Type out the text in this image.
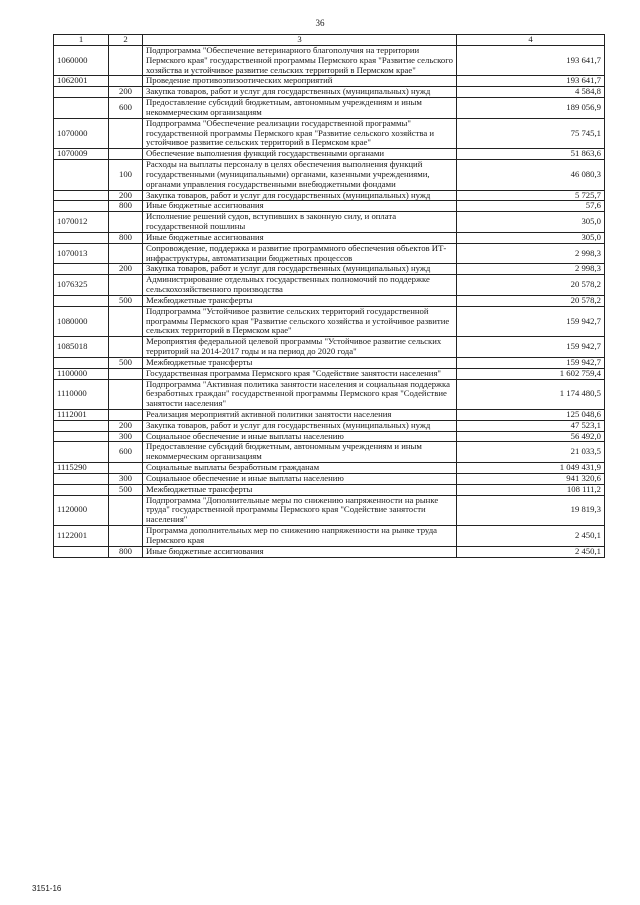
36
1	2	3	4
1060000		Подпрограмма "Обеспечение ветеринарного благополучия на территории Пермского края" государственной программы Пермского края "Развитие сельского хозяйства и устойчивое развитие сельских территорий в Пермском крае"	193 641,7
1062001		Проведение противоэпизоотических мероприятий	193 641,7
	200	Закупка товаров, работ и услуг для государственных (муниципальных) нужд	4 584,8
	600	Предоставление субсидий бюджетным, автономным учреждениям и иным некоммерческим организациям	189 056,9
1070000		Подпрограмма "Обеспечение реализации государственной программы" государственной программы Пермского края "Развитие сельского хозяйства и устойчивое развитие сельских территорий в Пермском крае"	75 745,1
1070009		Обеспечение выполнения функций государственными органами	51 863,6
	100	Расходы на выплаты персоналу в целях обеспечения выполнения функций государственными (муниципальными) органами, казенными учреждениями, органами управления государственными внебюджетными фондами	46 080,3
	200	Закупка товаров, работ и услуг для государственных (муниципальных) нужд	5 725,7
	800	Иные бюджетные ассигнования	57,6
1070012		Исполнение решений судов, вступивших в законную силу, и оплата государственной пошлины	305,0
	800	Иные бюджетные ассигнования	305,0
1070013		Сопровождение, поддержка и развитие программного обеспечения объектов ИТ-инфраструктуры, автоматизации бюджетных процессов	2 998,3
	200	Закупка товаров, работ и услуг для государственных (муниципальных) нужд	2 998,3
1076325		Администрирование отдельных государственных полномочий по поддержке сельскохозяйственного производства	20 578,2
	500	Межбюджетные трансферты	20 578,2
1080000		Подпрограмма "Устойчивое развитие сельских территорий государственной программы Пермского края "Развитие сельского хозяйства и устойчивое развитие сельских территорий в Пермском крае"	159 942,7
1085018		Мероприятия федеральной целевой программы "Устойчивое развитие сельских территорий на 2014-2017 годы и на период до 2020 года"	159 942,7
	500	Межбюджетные трансферты	159 942,7
1100000		Государственная программа Пермского края "Содействие занятости населения"	1 602 759,4
1110000		Подпрограмма "Активная политика занятости населения и социальная поддержка безработных граждан" государственной программы Пермского края "Содействие занятости населения"	1 174 480,5
1112001		Реализация мероприятий активной политики занятости населения	125 048,6
	200	Закупка товаров, работ и услуг для государственных (муниципальных) нужд	47 523,1
	300	Социальное обеспечение и иные выплаты населению	56 492,0
	600	Предоставление субсидий бюджетным, автономным учреждениям и иным некоммерческим организациям	21 033,5
1115290		Социальные выплаты безработным гражданам	1 049 431,9
	300	Социальное обеспечение и иные выплаты населению	941 320,6
	500	Межбюджетные трансферты	108 111,2
1120000		Подпрограмма "Дополнительные меры по снижению напряженности на рынке труда" государственной программы Пермского края "Содействие занятости населения"	19 819,3
1122001		Программа дополнительных мер по снижению напряженности на рынке труда Пермского края	2 450,1
	800	Иные бюджетные ассигнования	2 450,1
3151-16
